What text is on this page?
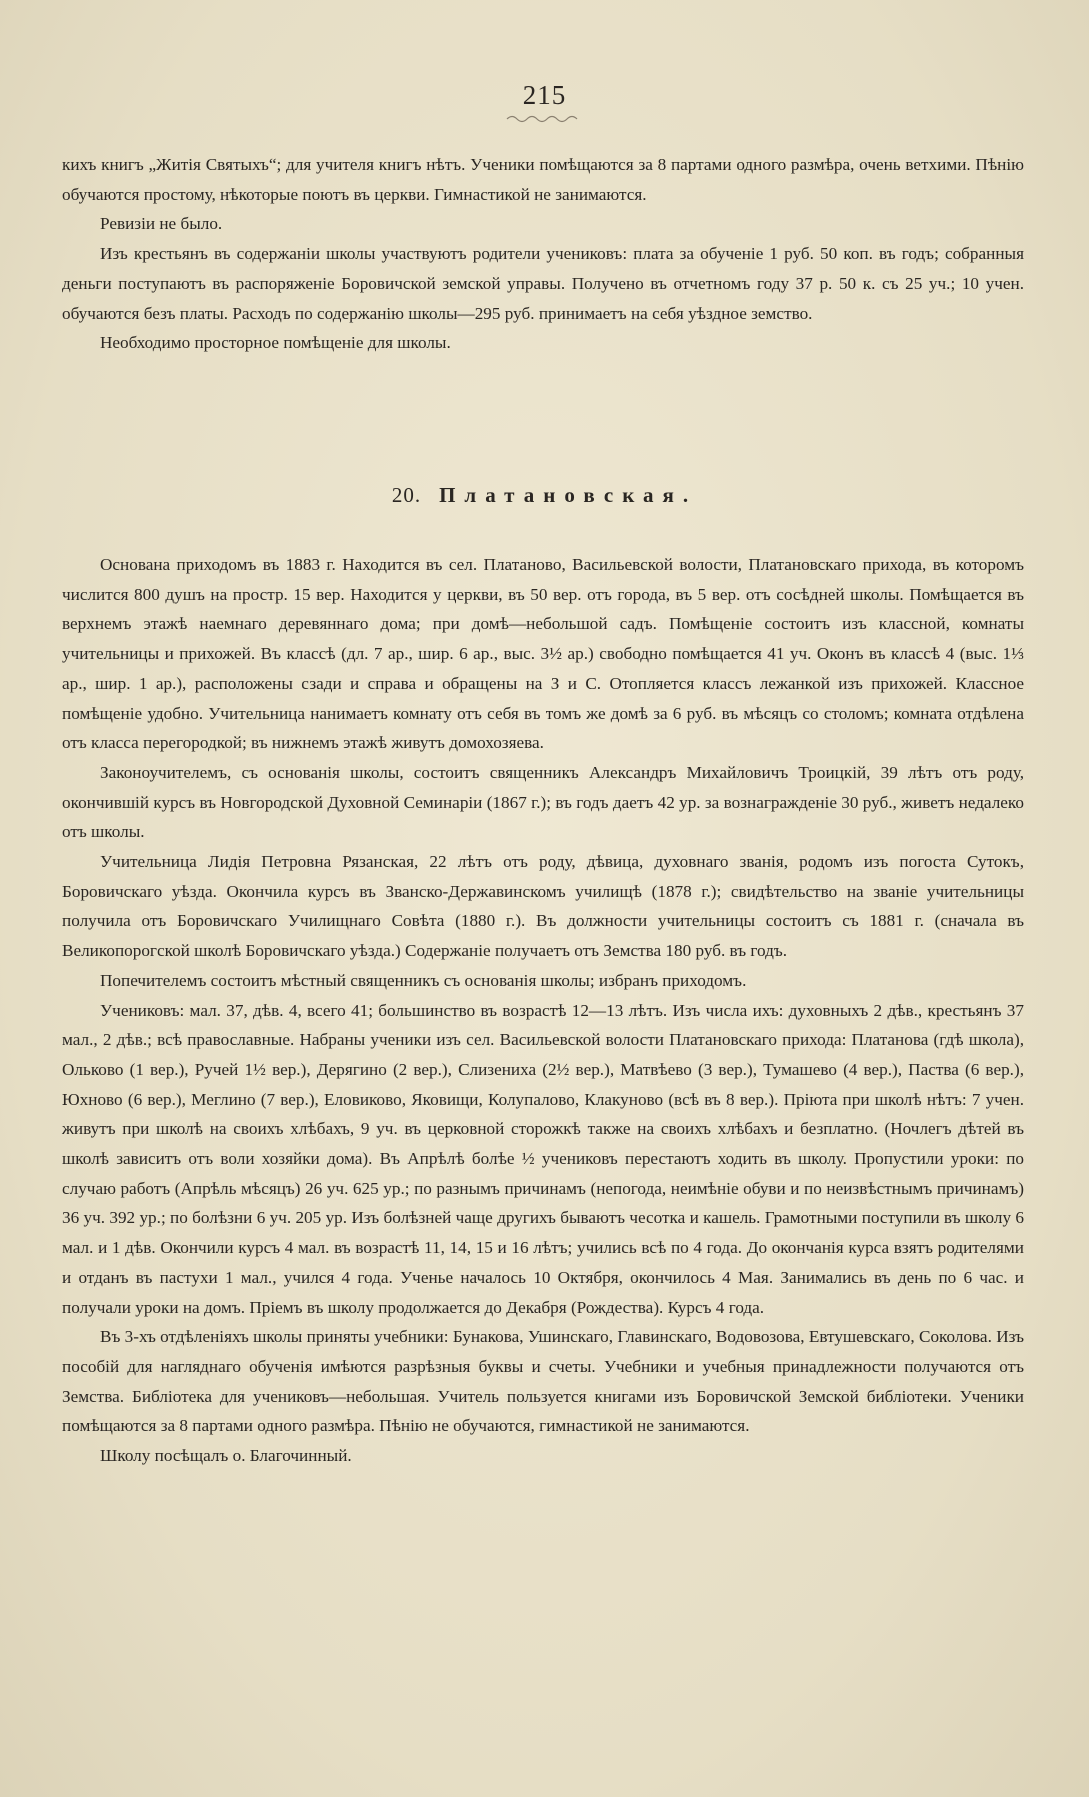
215

кихъ книгъ „Житія Святыхъ“; для учителя книгъ нѣтъ. Ученики помѣщаются за 8 партами одного размѣра, очень ветхими. Пѣнію обучаются простому, нѣкоторые поютъ въ церкви. Гимнастикой не занимаются.

Ревизіи не было.

Изъ крестьянъ въ содержаніи школы участвуютъ родители учениковъ: плата за обученіе 1 руб. 50 коп. въ годъ; собранныя деньги поступаютъ въ распоряженіе Боровичской земской управы. Получено въ отчетномъ году 37 р. 50 к. съ 25 уч.; 10 учен. обучаются безъ платы. Расходъ по содержанію школы—295 руб. принимаетъ на себя уѣздное земство.

Необходимо просторное помѣщеніе для школы.

20. Платановская.

Основана приходомъ въ 1883 г. Находится въ сел. Платаново, Васильевской волости, Платановскаго прихода, въ которомъ числится 800 душъ на простр. 15 вер. Находится у церкви, въ 50 вер. отъ города, въ 5 вер. отъ сосѣдней школы. Помѣщается въ верхнемъ этажѣ наемнаго деревяннаго дома; при домѣ—небольшой садъ. Помѣщеніе состоитъ изъ классной, комнаты учительницы и прихожей. Въ классѣ (дл. 7 ар., шир. 6 ар., выс. 3½ ар.) свободно помѣщается 41 уч. Оконъ въ классѣ 4 (выс. 1⅓ ар., шир. 1 ар.), расположены сзади и справа и обращены на З и С. Отопляется классъ лежанкой изъ прихожей. Классное помѣщеніе удобно. Учительница нанимаетъ комнату отъ себя въ томъ же домѣ за 6 руб. въ мѣсяцъ со столомъ; комната отдѣлена отъ класса перегородкой; въ нижнемъ этажѣ живутъ домохозяева.

Законоучителемъ, съ основанія школы, состоитъ священникъ Александръ Михайловичъ Троицкій, 39 лѣтъ отъ роду, окончившій курсъ въ Новгородской Духовной Семинаріи (1867 г.); въ годъ даетъ 42 ур. за вознагражденіе 30 руб., живетъ недалеко отъ школы.

Учительница Лидія Петровна Рязанская, 22 лѣтъ отъ роду, дѣвица, духовнаго званія, родомъ изъ погоста Сутокъ, Боровичскаго уѣзда. Окончила курсъ въ Званско-Державинскомъ училищѣ (1878 г.); свидѣтельство на званіе учительницы получила отъ Боровичскаго Училищнаго Совѣта (1880 г.). Въ должности учительницы состоитъ съ 1881 г. (сначала въ Великопорогской школѣ Боровичскаго уѣзда.) Содержаніе получаетъ отъ Земства 180 руб. въ годъ.

Попечителемъ состоитъ мѣстный священникъ съ основанія школы; избранъ приходомъ.

Учениковъ: мал. 37, дѣв. 4, всего 41; большинство въ возрастѣ 12—13 лѣтъ. Изъ числа ихъ: духовныхъ 2 дѣв., крестьянъ 37 мал., 2 дѣв.; всѣ православные. Набраны ученики изъ сел. Васильевской волости Платановскаго прихода: Платанова (гдѣ школа), Ольково (1 вер.), Ручей 1½ вер.), Дерягино (2 вер.), Слизениха (2½ вер.), Матвѣево (3 вер.), Тумашево (4 вер.), Паства (6 вер.), Юхново (6 вер.), Меглино (7 вер.), Еловиково, Яковищи, Колупалово, Клакуново (всѣ въ 8 вер.). Пріюта при школѣ нѣтъ: 7 учен. живутъ при школѣ на своихъ хлѣбахъ, 9 уч. въ церковной сторожкѣ также на своихъ хлѣбахъ и безплатно. (Ночлегъ дѣтей въ школѣ зависитъ отъ воли хозяйки дома). Въ Апрѣлѣ болѣе ½ учениковъ перестаютъ ходить въ школу. Пропустили уроки: по случаю работъ (Апрѣль мѣсяцъ) 26 уч. 625 ур.; по разнымъ причинамъ (непогода, неимѣніе обуви и по неизвѣстнымъ причинамъ) 36 уч. 392 ур.; по болѣзни 6 уч. 205 ур. Изъ болѣзней чаще другихъ бываютъ чесотка и кашель. Грамотными поступили въ школу 6 мал. и 1 дѣв. Окончили курсъ 4 мал. въ возрастѣ 11, 14, 15 и 16 лѣтъ; учились всѣ по 4 года. До окончанія курса взятъ родителями и отданъ въ пастухи 1 мал., учился 4 года. Ученье началось 10 Октября, окончилось 4 Мая. Занимались въ день по 6 час. и получали уроки на домъ. Пріемъ въ школу продолжается до Декабря (Рождества). Курсъ 4 года.

Въ 3-хъ отдѣленіяхъ школы приняты учебники: Бунакова, Ушинскаго, Главинскаго, Водовозова, Евтушевскаго, Соколова. Изъ пособій для нагляднаго обученія имѣются разрѣзныя буквы и счеты. Учебники и учебныя принадлежности получаются отъ Земства. Библіотека для учениковъ—небольшая. Учитель пользуется книгами изъ Боровичской Земской библіотеки. Ученики помѣщаются за 8 партами одного размѣра. Пѣнію не обучаются, гимнастикой не занимаются.

Школу посѣщалъ о. Благочинный.
